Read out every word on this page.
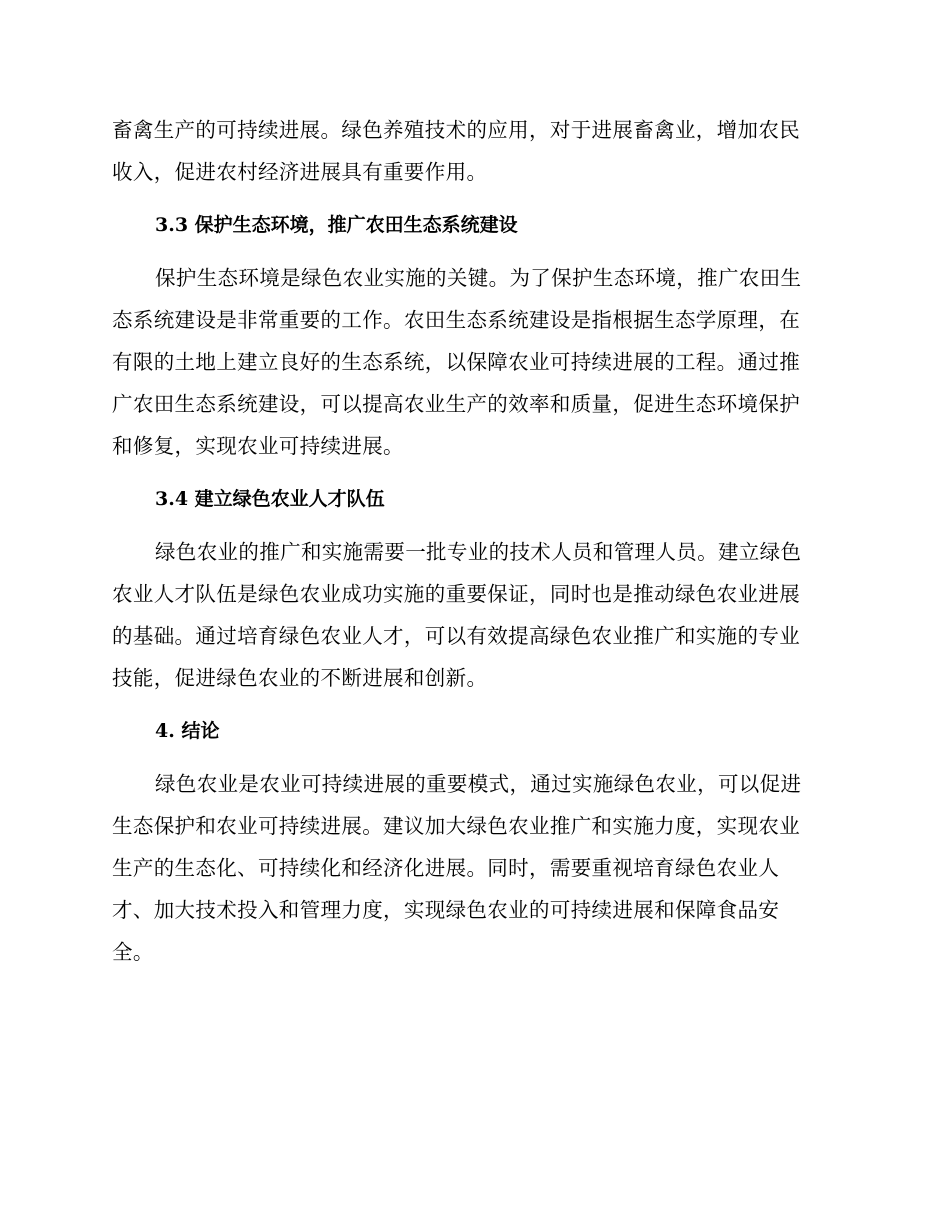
畜禽生产的可持续进展。绿色养殖技术的应用，对于进展畜禽业，增加农民
收入，促进农村经济进展具有重要作用。
3.3 保护生态环境，推广农田生态系统建设
保护生态环境是绿色农业实施的关键。为了保护生态环境，推广农田生
态系统建设是非常重要的工作。农田生态系统建设是指根据生态学原理，在
有限的土地上建立良好的生态系统，以保障农业可持续进展的工程。通过推
广农田生态系统建设，可以提高农业生产的效率和质量，促进生态环境保护
和修复，实现农业可持续进展。
3.4 建立绿色农业人才队伍
绿色农业的推广和实施需要一批专业的技术人员和管理人员。建立绿色
农业人才队伍是绿色农业成功实施的重要保证，同时也是推动绿色农业进展
的基础。通过培育绿色农业人才，可以有效提高绿色农业推广和实施的专业
技能，促进绿色农业的不断进展和创新。
4. 结论
绿色农业是农业可持续进展的重要模式，通过实施绿色农业，可以促进
生态保护和农业可持续进展。建议加大绿色农业推广和实施力度，实现农业
生产的生态化、可持续化和经济化进展。同时，需要重视培育绿色农业人
才、加大技术投入和管理力度，实现绿色农业的可持续进展和保障食品安
全。
